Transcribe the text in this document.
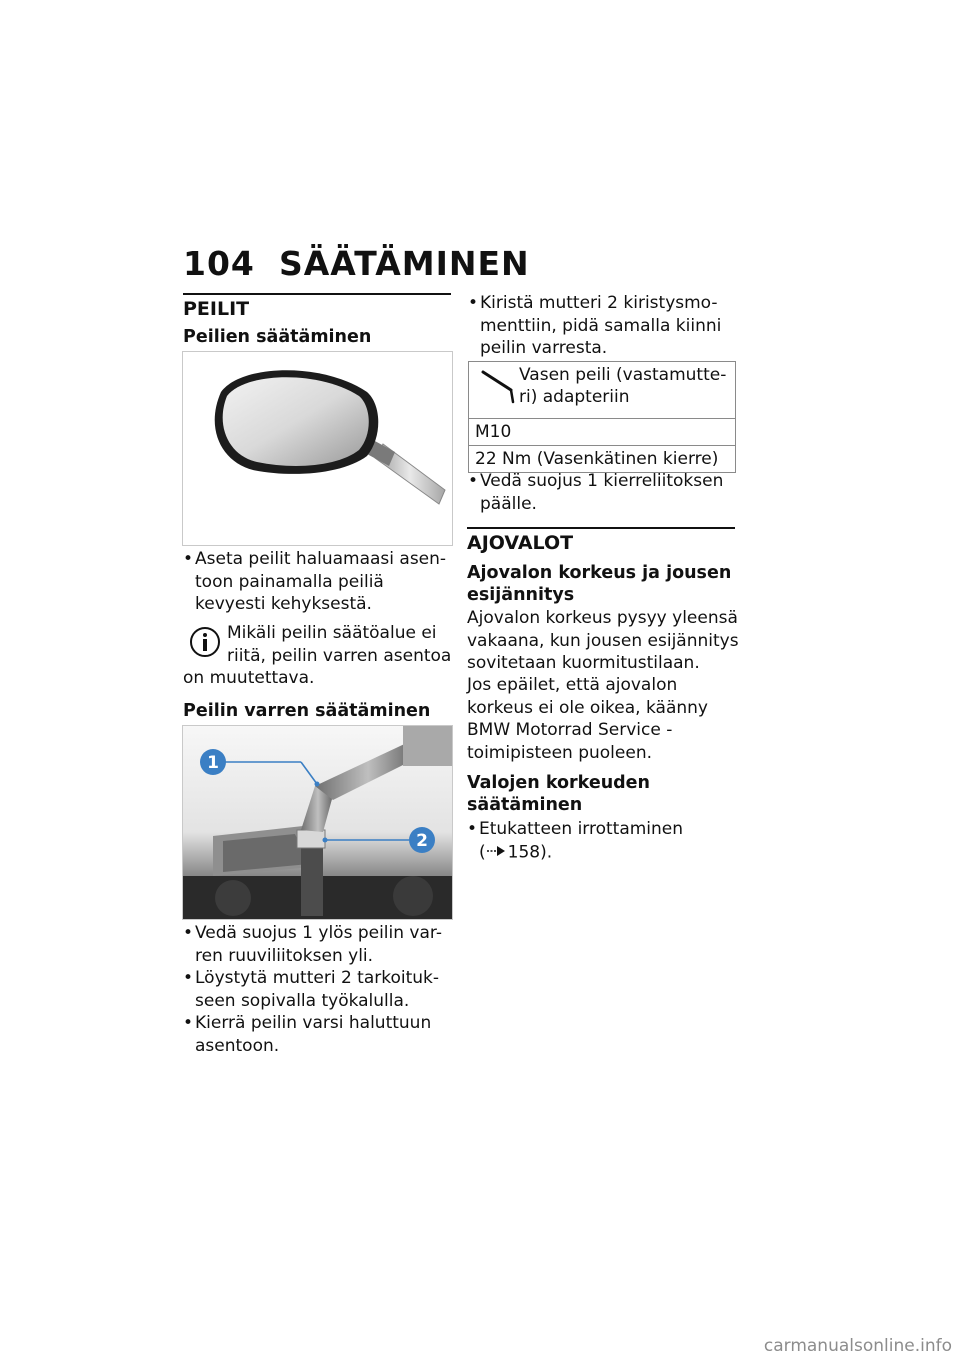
104 SÄÄTÄMINEN
PEILIT
Peilien säätäminen
• Aseta peilit haluamaasi asen-toon painamalla peiliä kevyesti kehyksestä.
Mikäli peilin säätöalue ei riitä, peilin varren asentoa on muutettava.
Peilin varren säätäminen
1
2
• Vedä suojus 1 ylös peilin var-ren ruuviliitoksen yli.
• Löystytä mutteri 2 tarkoituk-seen sopivalla työkalulla.
• Kierrä peilin varsi haluttuun asentoon.
• Kiristä mutteri 2 kiristysmo-menttiin, pidä samalla kiinni peilin varresta.
Vasen peili (vastamutte-ri) adapteriin
M10
22 Nm (Vasenkätinen kierre)
• Vedä suojus 1 kierreliitoksen päälle.
AJOVALOT
Ajovalon korkeus ja jousen esijännitys
Ajovalon korkeus pysyy yleensä vakaana, kun jousen esijännitys sovitetaan kuormitustilaan.
Jos epäilet, että ajovalon korkeus ei ole oikea, käänny BMW Motorrad Service -toimipisteen puoleen.
Valojen korkeuden säätäminen
• Etukatteen irrottaminen
( 158).
carmanualsonline.info
